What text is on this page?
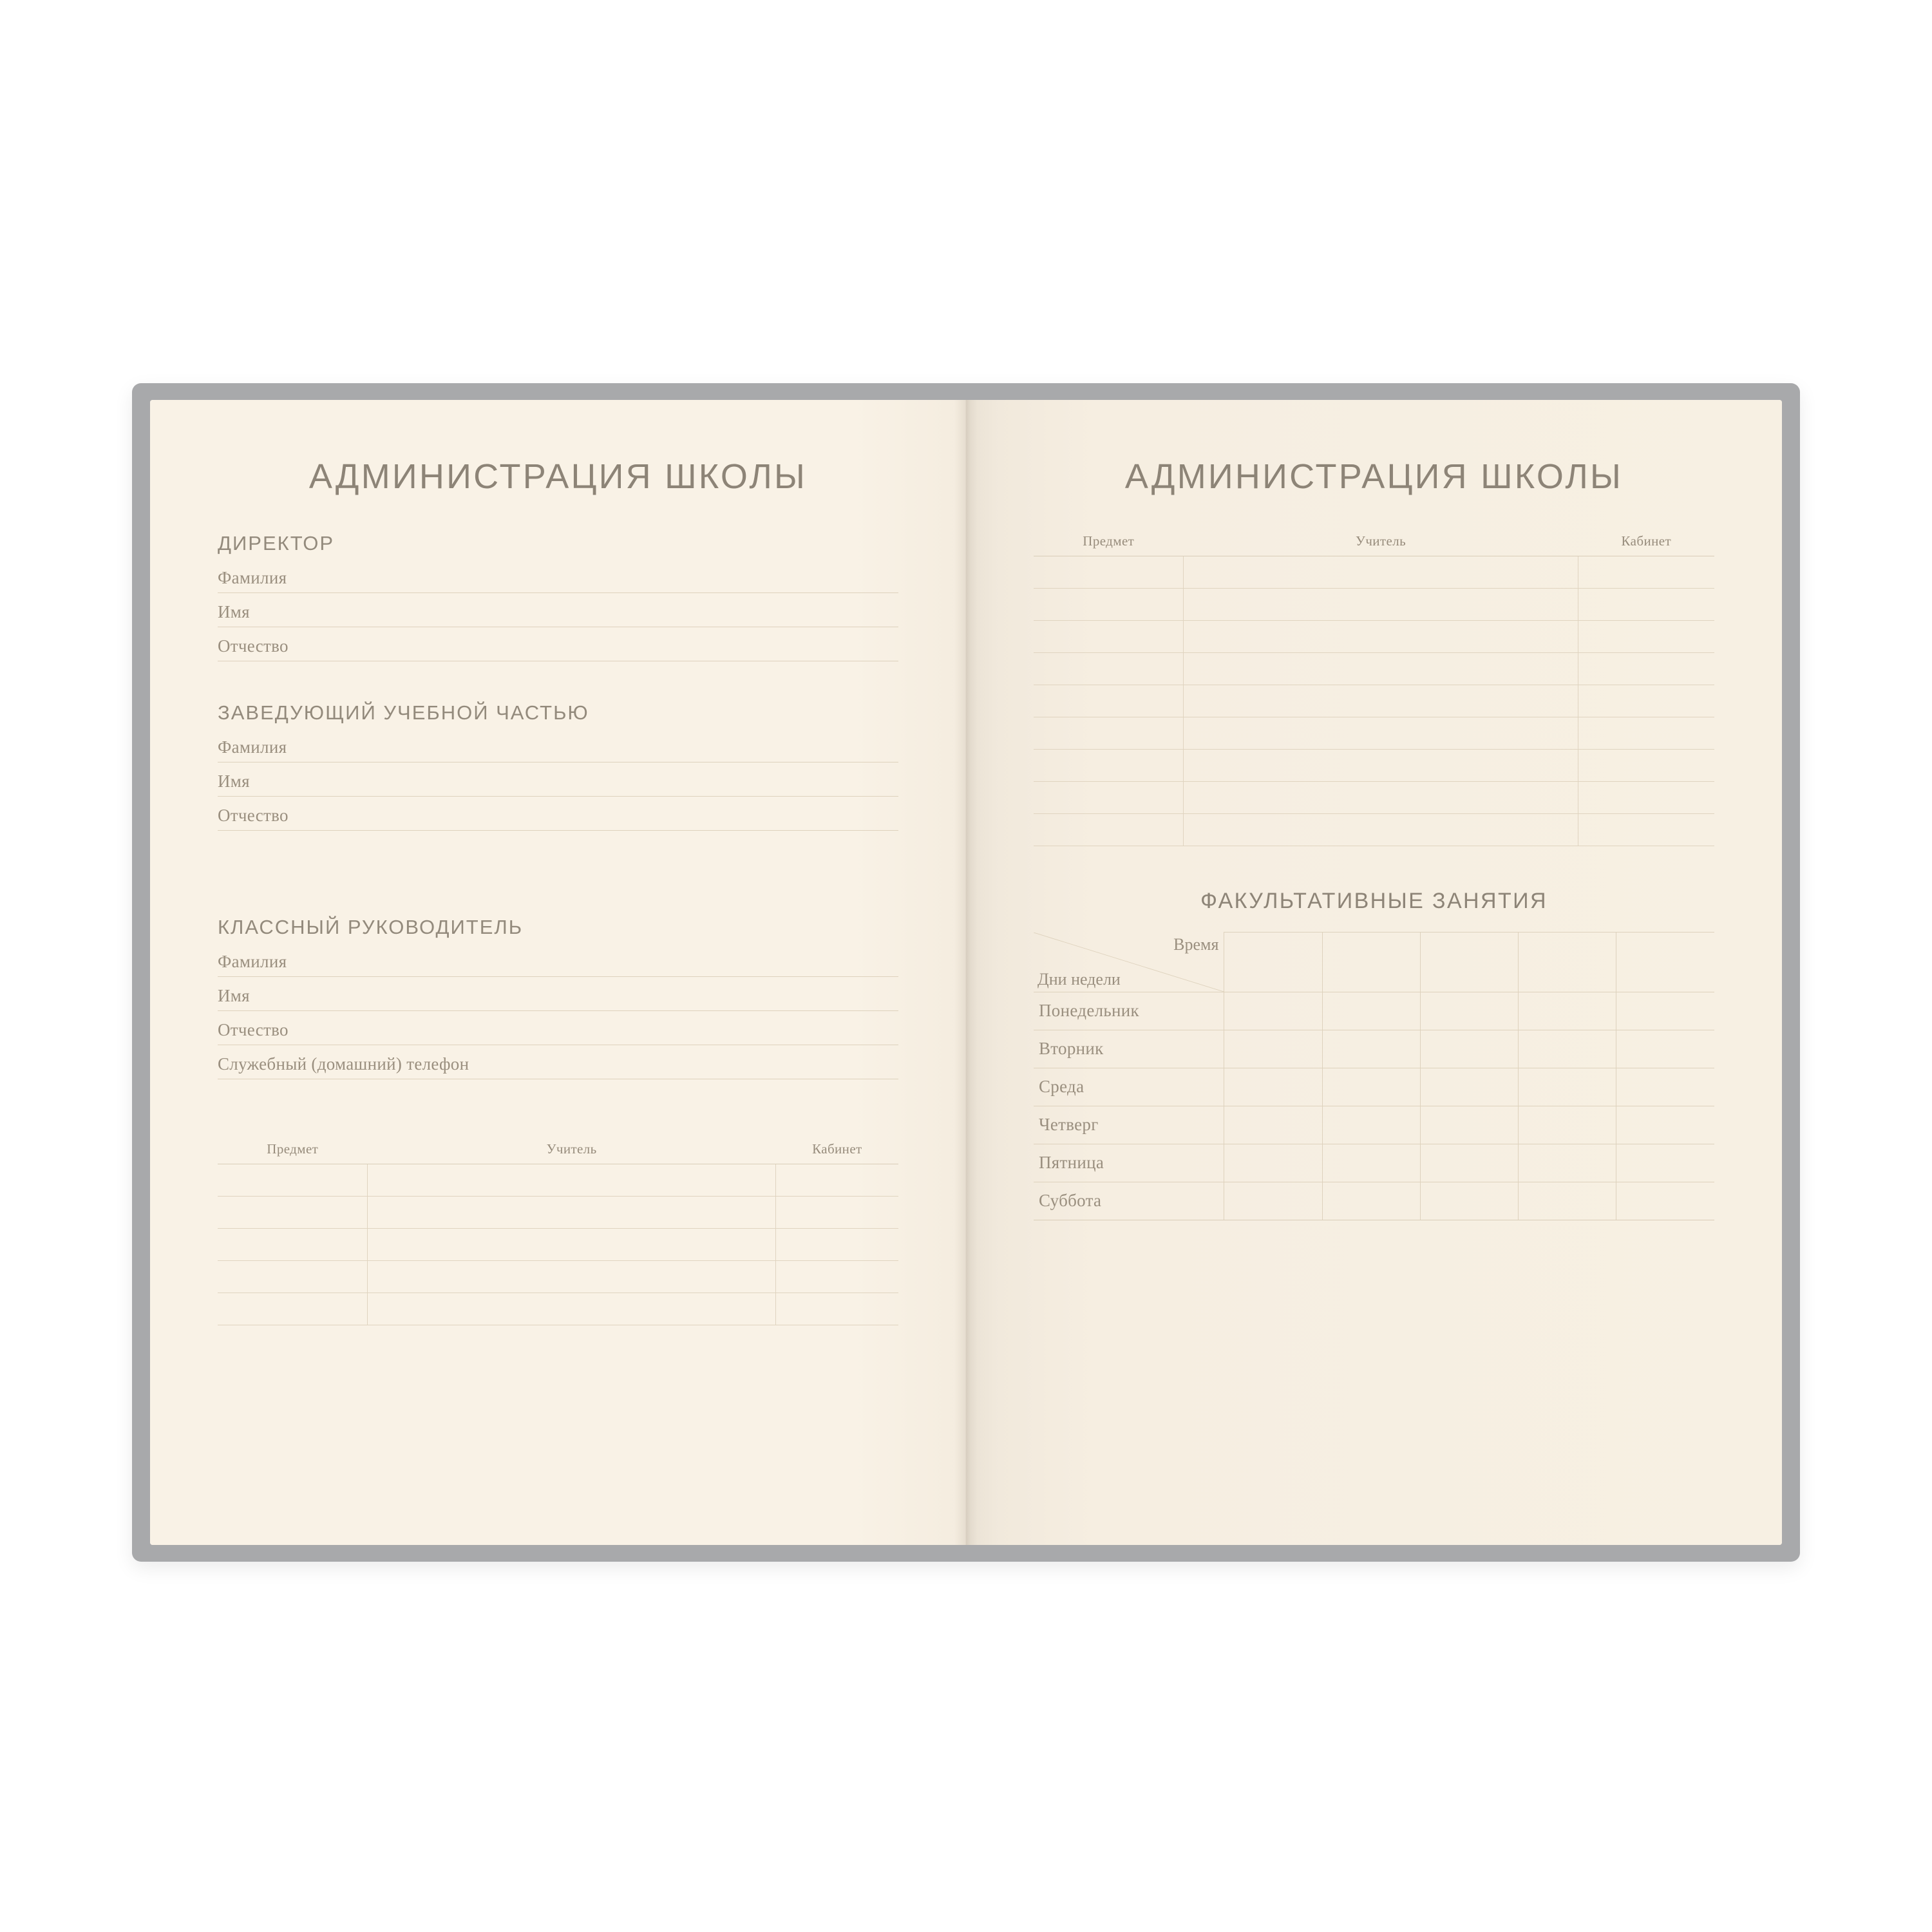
АДМИНИСТРАЦИЯ ШКОЛЫ
ДИРЕКТОР
Фамилия
Имя
Отчество
ЗАВЕДУЮЩИЙ УЧЕБНОЙ ЧАСТЬЮ
Фамилия
Имя
Отчество
КЛАССНЫЙ РУКОВОДИТЕЛЬ
Фамилия
Имя
Отчество
Служебный (домашний) телефон
Предмет	Учитель	Кабинет

АДМИНИСТРАЦИЯ ШКОЛЫ
Предмет	Учитель	Кабинет

ФАКУЛЬТАТИВНЫЕ ЗАНЯТИЯ
Время
Дни недели					

Понедельник					
Вторник					
Среда					
Четверг					
Пятница					
Суббота					
